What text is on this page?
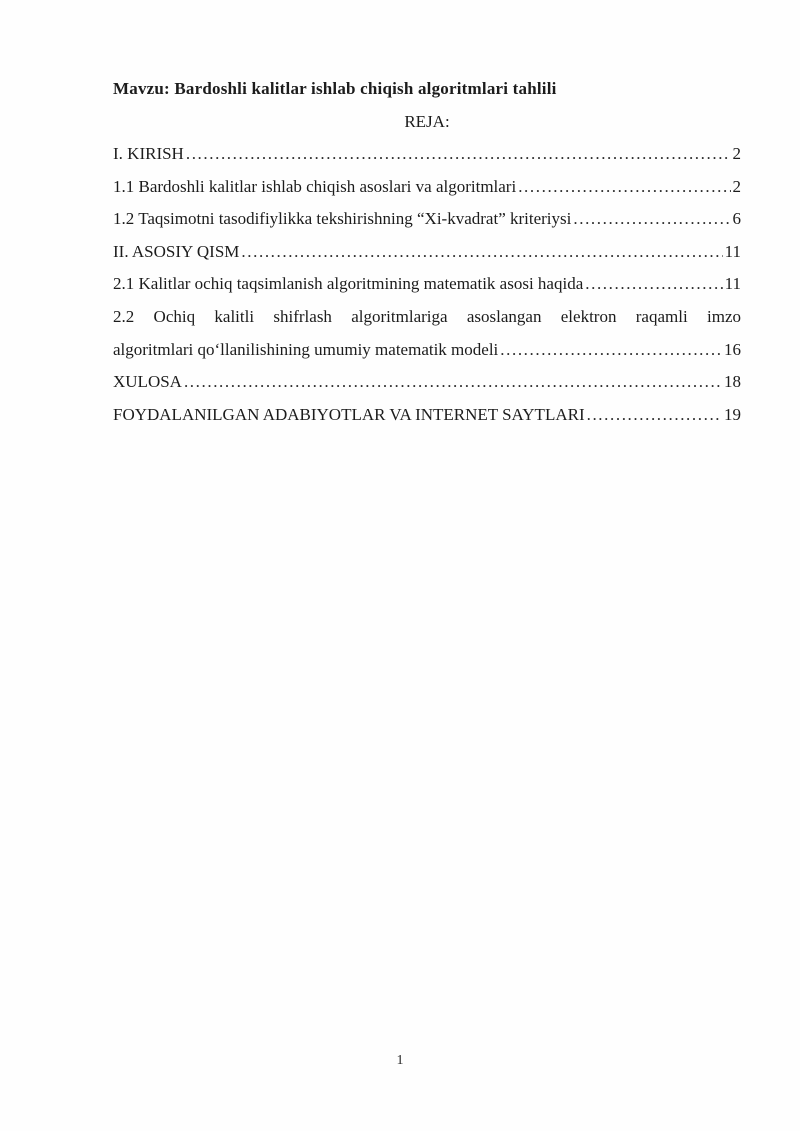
Mavzu: Bardoshli kalitlar ishlab chiqish algoritmlari tahlili
REJA:
I. KIRISH .....	2
1.1 Bardoshli kalitlar ishlab chiqish asoslari va algoritmlari .....	2
1.2 Taqsimotni tasodifiylikka tekshirishning “Xi-kvadrat” kriteriysi .....	6
II. ASOSIY QISM .....	11
2.1 Kalitlar ochiq taqsimlanish algoritmining matematik asosi haqida .....	11
2.2 Ochiq kalitli shifrlash algoritmlariga asoslangan elektron raqamli imzo
algoritmlari qo‘llanilishining umumiy matematik modeli .....	16
XULOSA .....	18
FOYDALANILGAN ADABIYOTLAR VA INTERNET SAYTLARI .....	19
1
